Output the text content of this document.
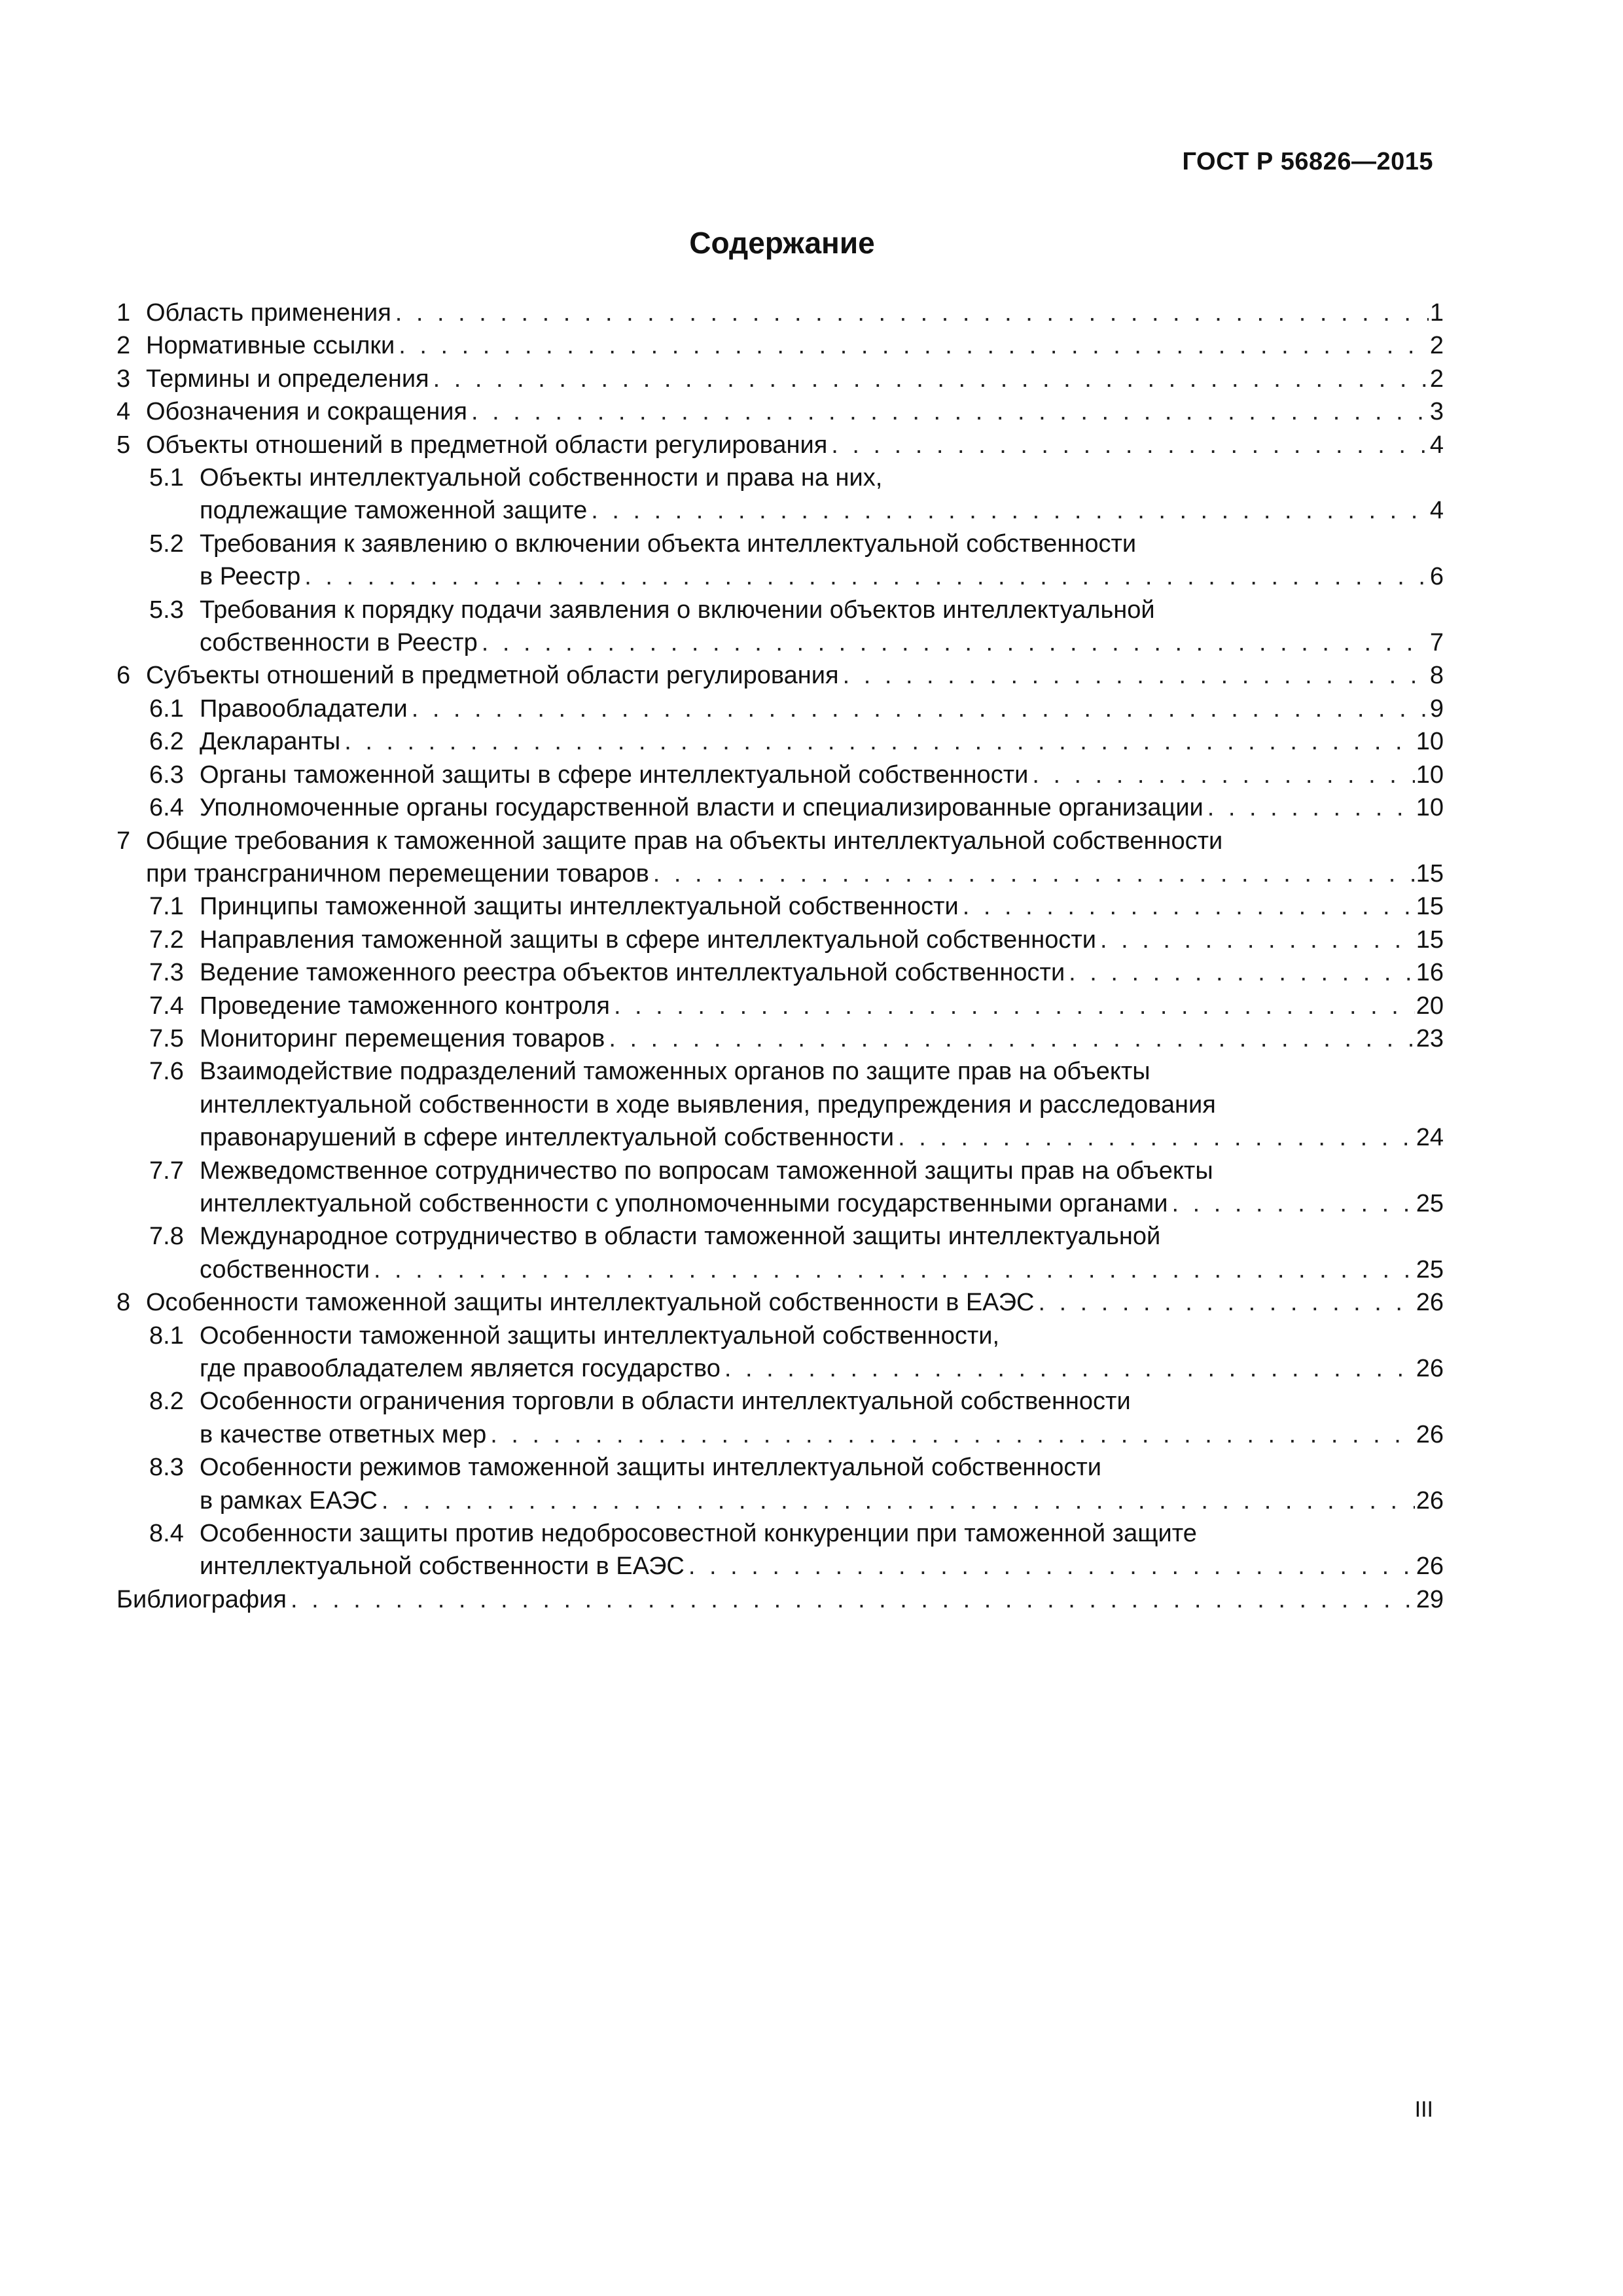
ГОСТ Р 56826—2015
Содержание
1 Область применения . . .	1
2 Нормативные ссылки . . .	2
3 Термины и определения . . .	2
4 Обозначения и сокращения . . .	3
5 Объекты отношений в предметной области регулирования . . .	4
5.1 Объекты интеллектуальной собственности и права на них,
подлежащие таможенной защите . . .	4
5.2 Требования к заявлению о включении объекта интеллектуальной собственности
в Реестр . . .	6
5.3 Требования к порядку подачи заявления о включении объектов интеллектуальной
собственности в Реестр . . .	7
6 Субъекты отношений в предметной области регулирования . . .	8
6.1 Правообладатели . . .	9
6.2 Декларанты . . .	10
6.3 Органы таможенной защиты в сфере интеллектуальной собственности . . .	10
6.4 Уполномоченные органы государственной власти и специализированные организации . . .	10
7 Общие требования к таможенной защите прав на объекты интеллектуальной собственности
при трансграничном перемещении товаров . . .	15
7.1 Принципы таможенной защиты интеллектуальной собственности . . .	15
7.2 Направления таможенной защиты в сфере интеллектуальной собственности . . .	15
7.3 Ведение таможенного реестра объектов интеллектуальной собственности . . .	16
7.4 Проведение таможенного контроля . . .	20
7.5 Мониторинг перемещения товаров . . .	23
7.6 Взаимодействие подразделений таможенных органов по защите прав на объекты
интеллектуальной собственности в ходе выявления, предупреждения и расследования
правонарушений в сфере интеллектуальной собственности . . .	24
7.7 Межведомственное сотрудничество по вопросам таможенной защиты прав на объекты
интеллектуальной собственности с уполномоченными государственными органами . . .	25
7.8 Международное сотрудничество в области таможенной защиты интеллектуальной
собственности . . .	25
8 Особенности таможенной защиты интеллектуальной собственности в ЕАЭС . . .	26
8.1 Особенности таможенной защиты интеллектуальной собственности,
где правообладателем является государство . . .	26
8.2 Особенности ограничения торговли в области интеллектуальной собственности
в качестве ответных мер . . .	26
8.3 Особенности режимов таможенной защиты интеллектуальной собственности
в рамках ЕАЭС . . .	26
8.4 Особенности защиты против недобросовестной конкуренции при таможенной защите
интеллектуальной собственности в ЕАЭС . . .	26
Библиография . . .	29
III
